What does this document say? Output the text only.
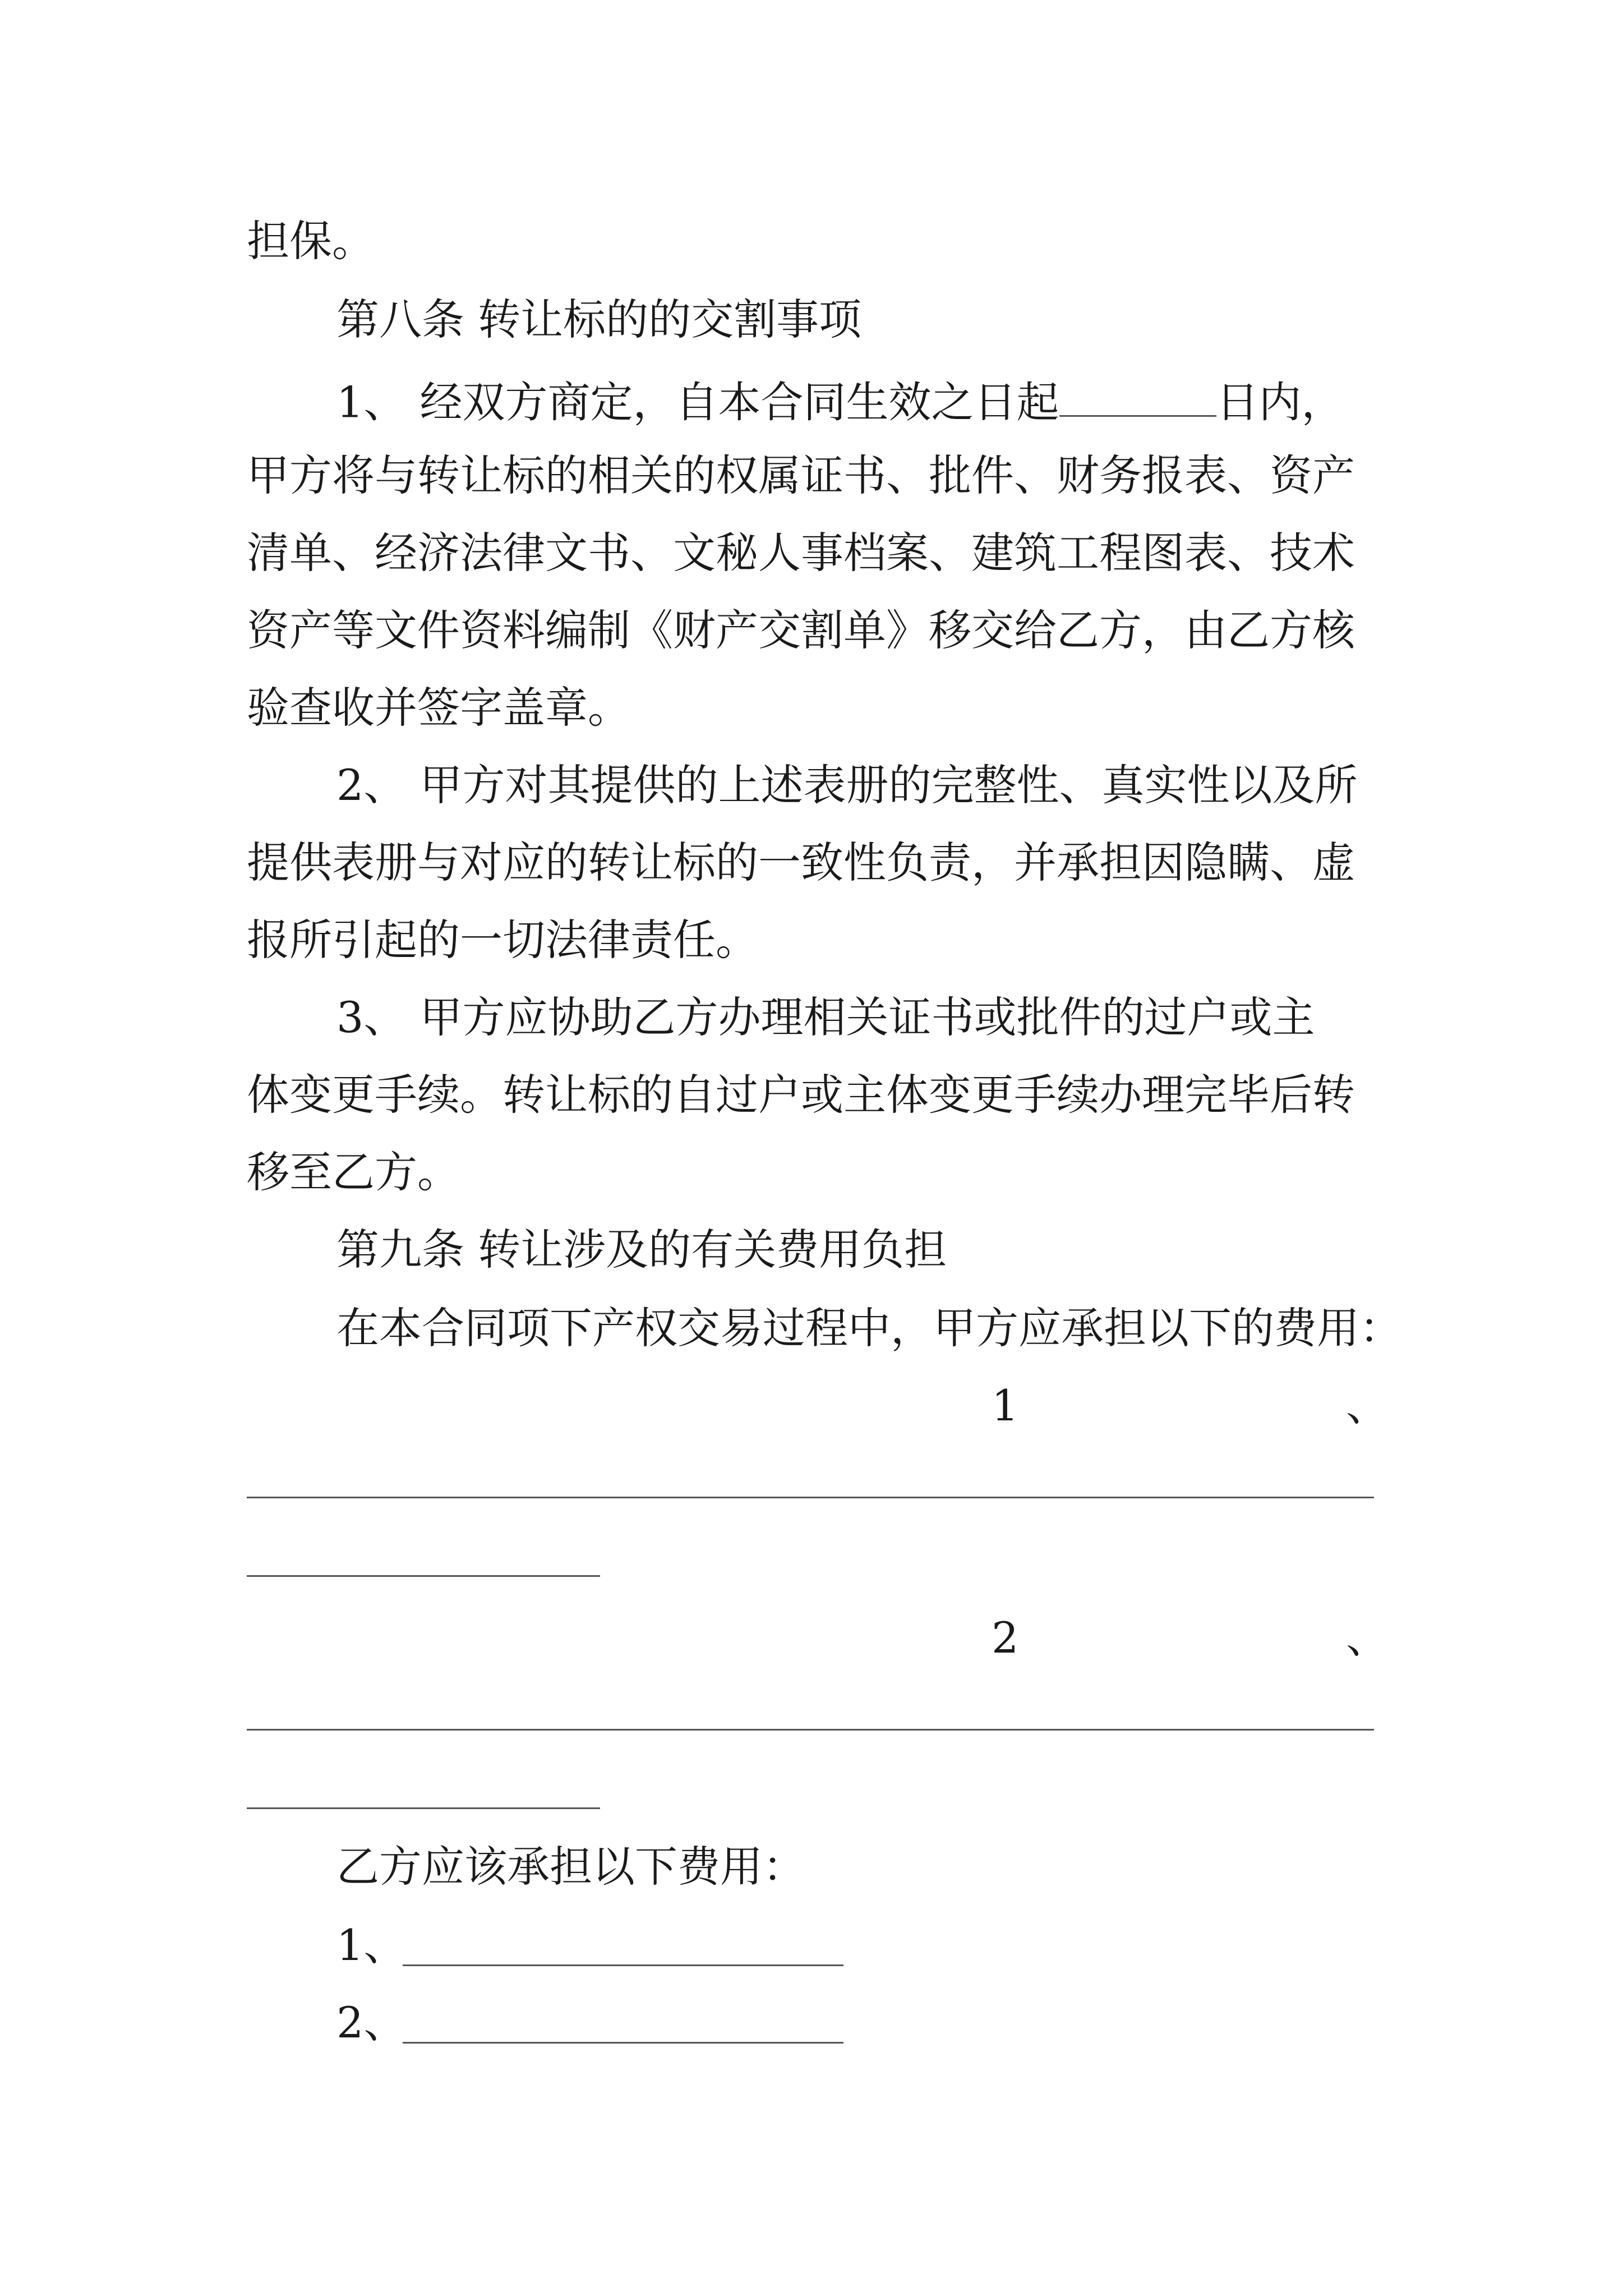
担保。

第八条 转让标的的交割事项

1、 经双方商定，自本合同生效之日起	日内，

甲方将与转让标的相关的权属证书、批件、财务报表、资产

清单、经济法律文书、文秘人事档案、建筑工程图表、技术

资产等文件资料编制《财产交割单》移交给乙方，由乙方核

验查收并签字盖章。

2、 甲方对其提供的上述表册的完整性、真实性以及所

提供表册与对应的转让标的一致性负责，并承担因隐瞒、虚

报所引起的一切法律责任。

3、 甲方应协助乙方办理相关证书或批件的过户或主

体变更手续。转让标的自过户或主体变更手续办理完毕后转

移至乙方。

第九条 转让涉及的有关费用负担

在本合同项下产权交易过程中，甲方应承担以下的费用：

1	、

2	、

乙方应该承担以下费用：

1、

2、
